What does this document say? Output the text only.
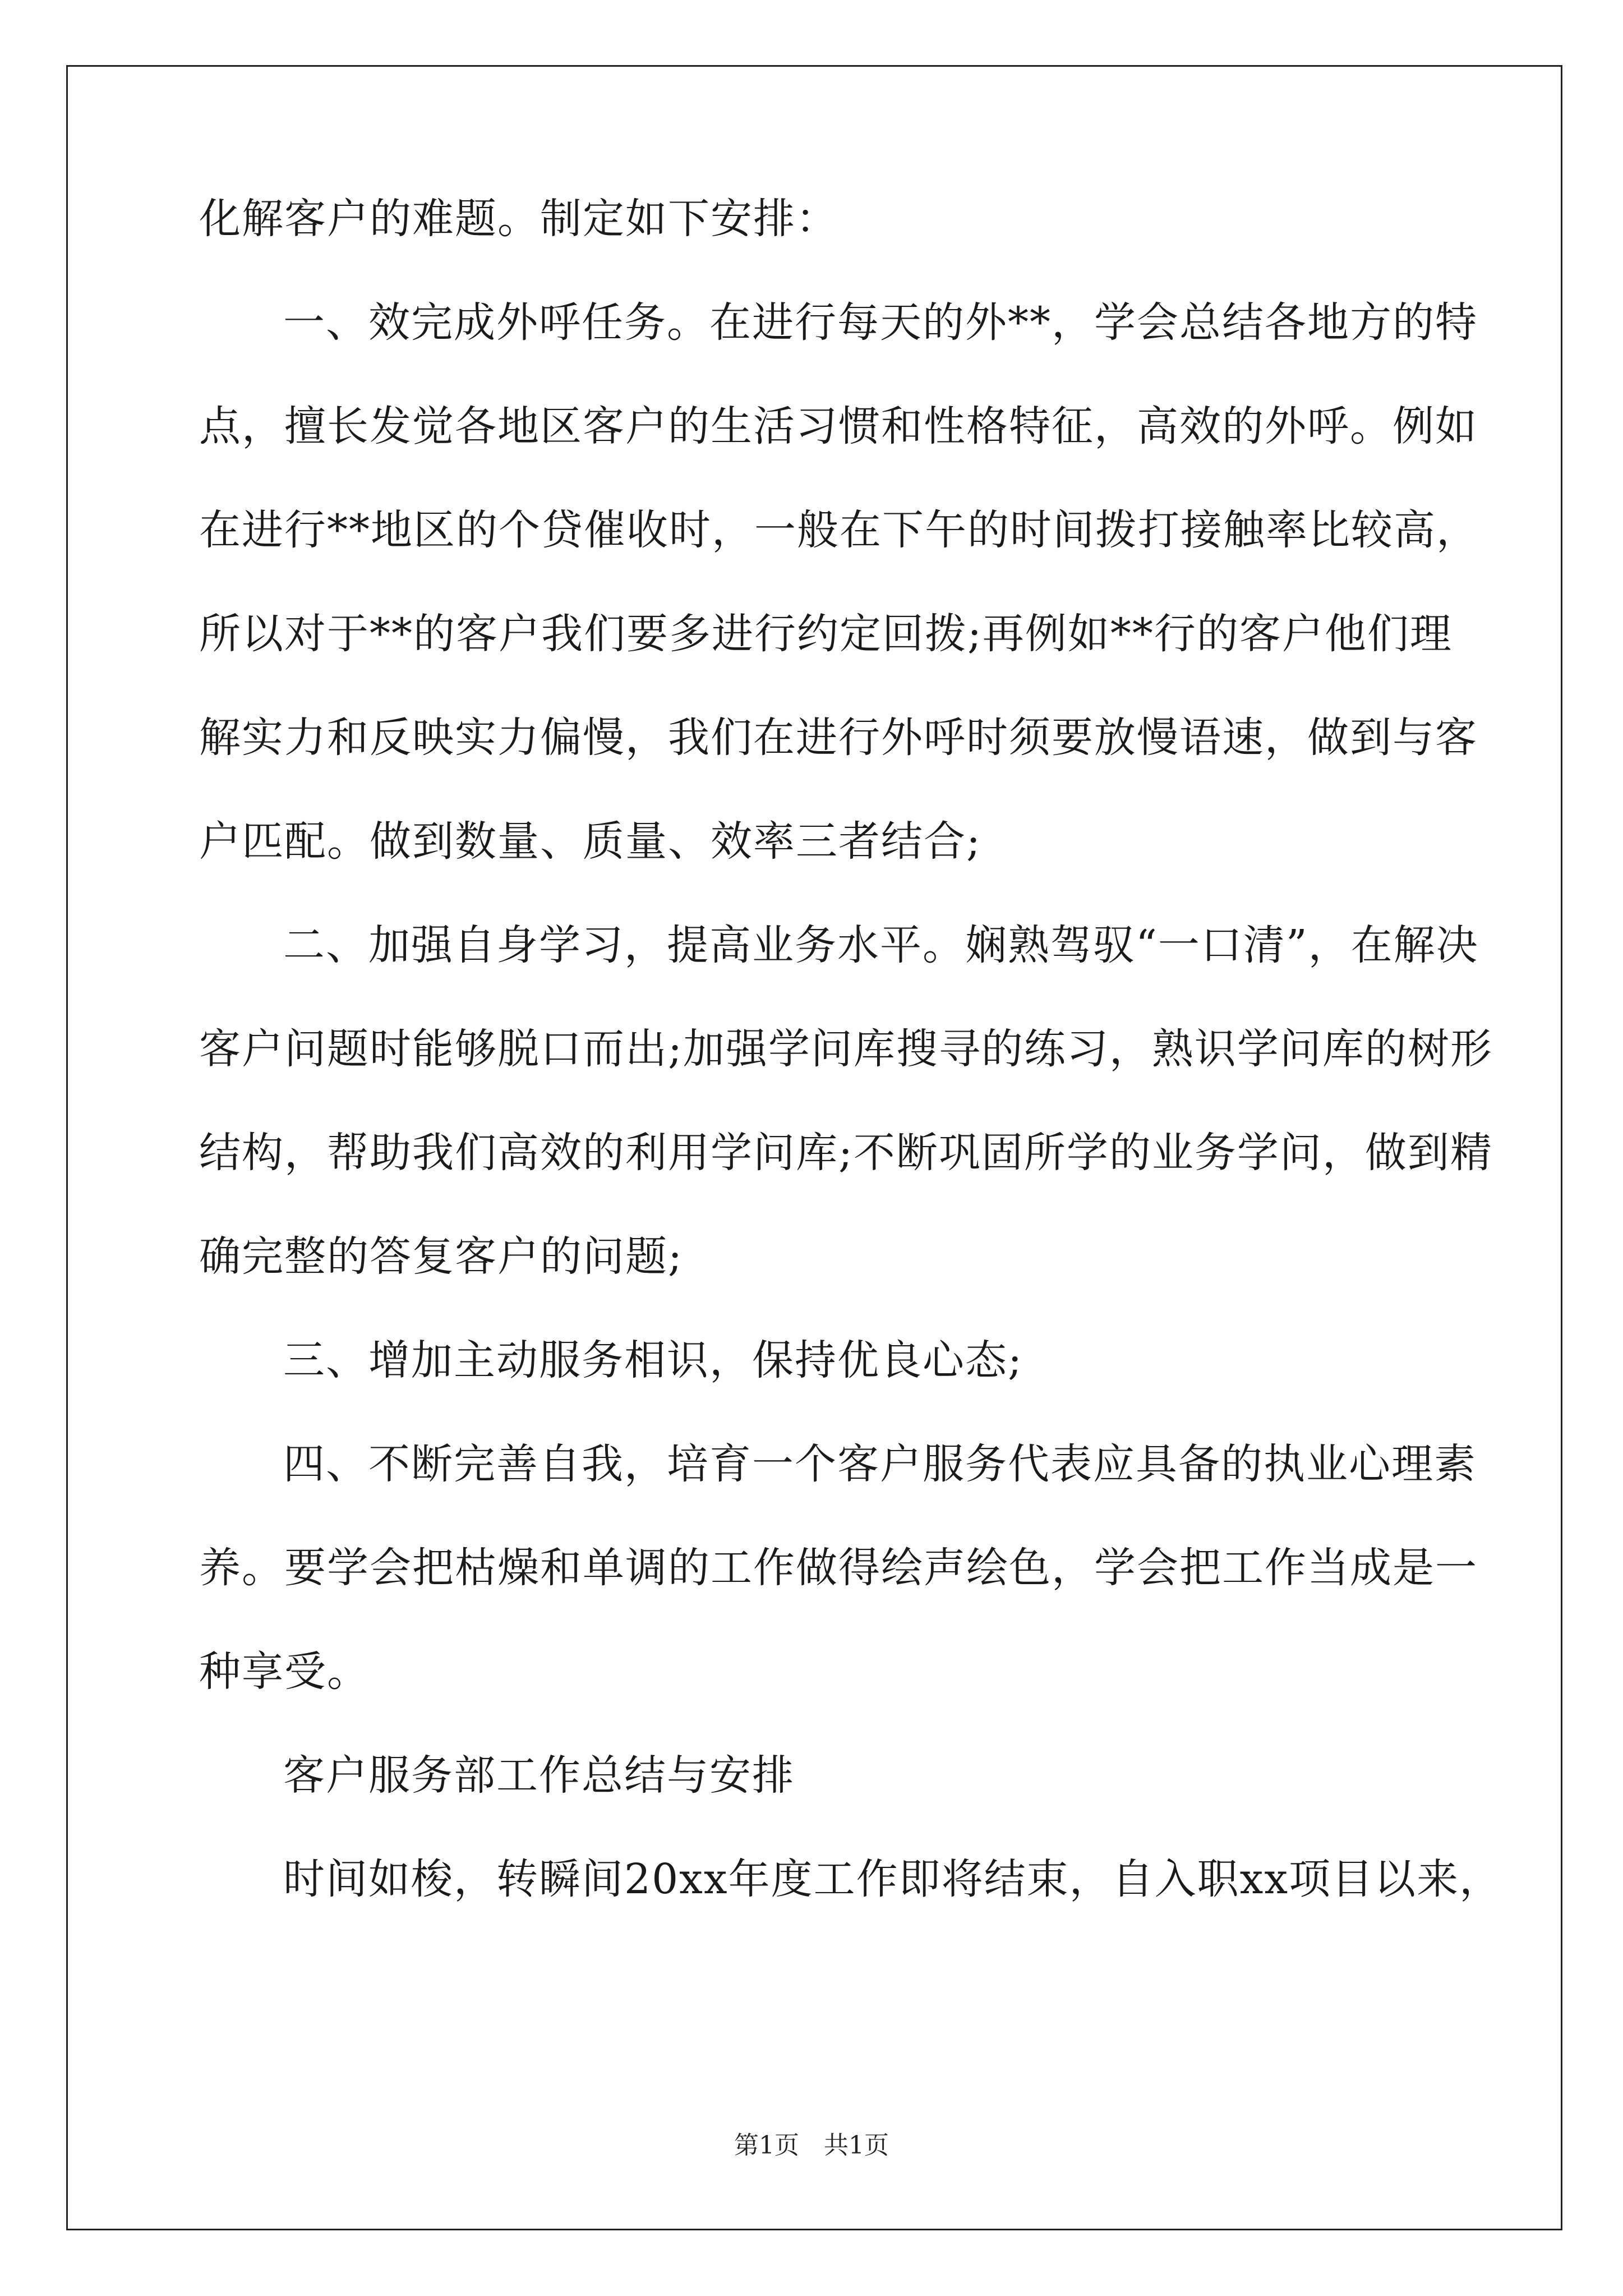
化解客户的难题。制定如下安排：
一、效完成外呼任务。在进行每天的外**，学会总结各地方的特
点，擅长发觉各地区客户的生活习惯和性格特征，高效的外呼。例如
在进行**地区的个贷催收时，一般在下午的时间拨打接触率比较高，
所以对于**的客户我们要多进行约定回拨;再例如**行的客户他们理
解实力和反映实力偏慢，我们在进行外呼时须要放慢语速，做到与客
户匹配。做到数量、质量、效率三者结合;
二、加强自身学习，提高业务水平。娴熟驾驭“一口清”，在解决
客户问题时能够脱口而出;加强学问库搜寻的练习，熟识学问库的树形
结构，帮助我们高效的利用学问库;不断巩固所学的业务学问，做到精
确完整的答复客户的问题;
三、增加主动服务相识，保持优良心态;
四、不断完善自我，培育一个客户服务代表应具备的执业心理素
养。要学会把枯燥和单调的工作做得绘声绘色，学会把工作当成是一
种享受。
客户服务部工作总结与安排
时间如梭，转瞬间20xx年度工作即将结束，自入职xx项目以来，
第1页　共1页
